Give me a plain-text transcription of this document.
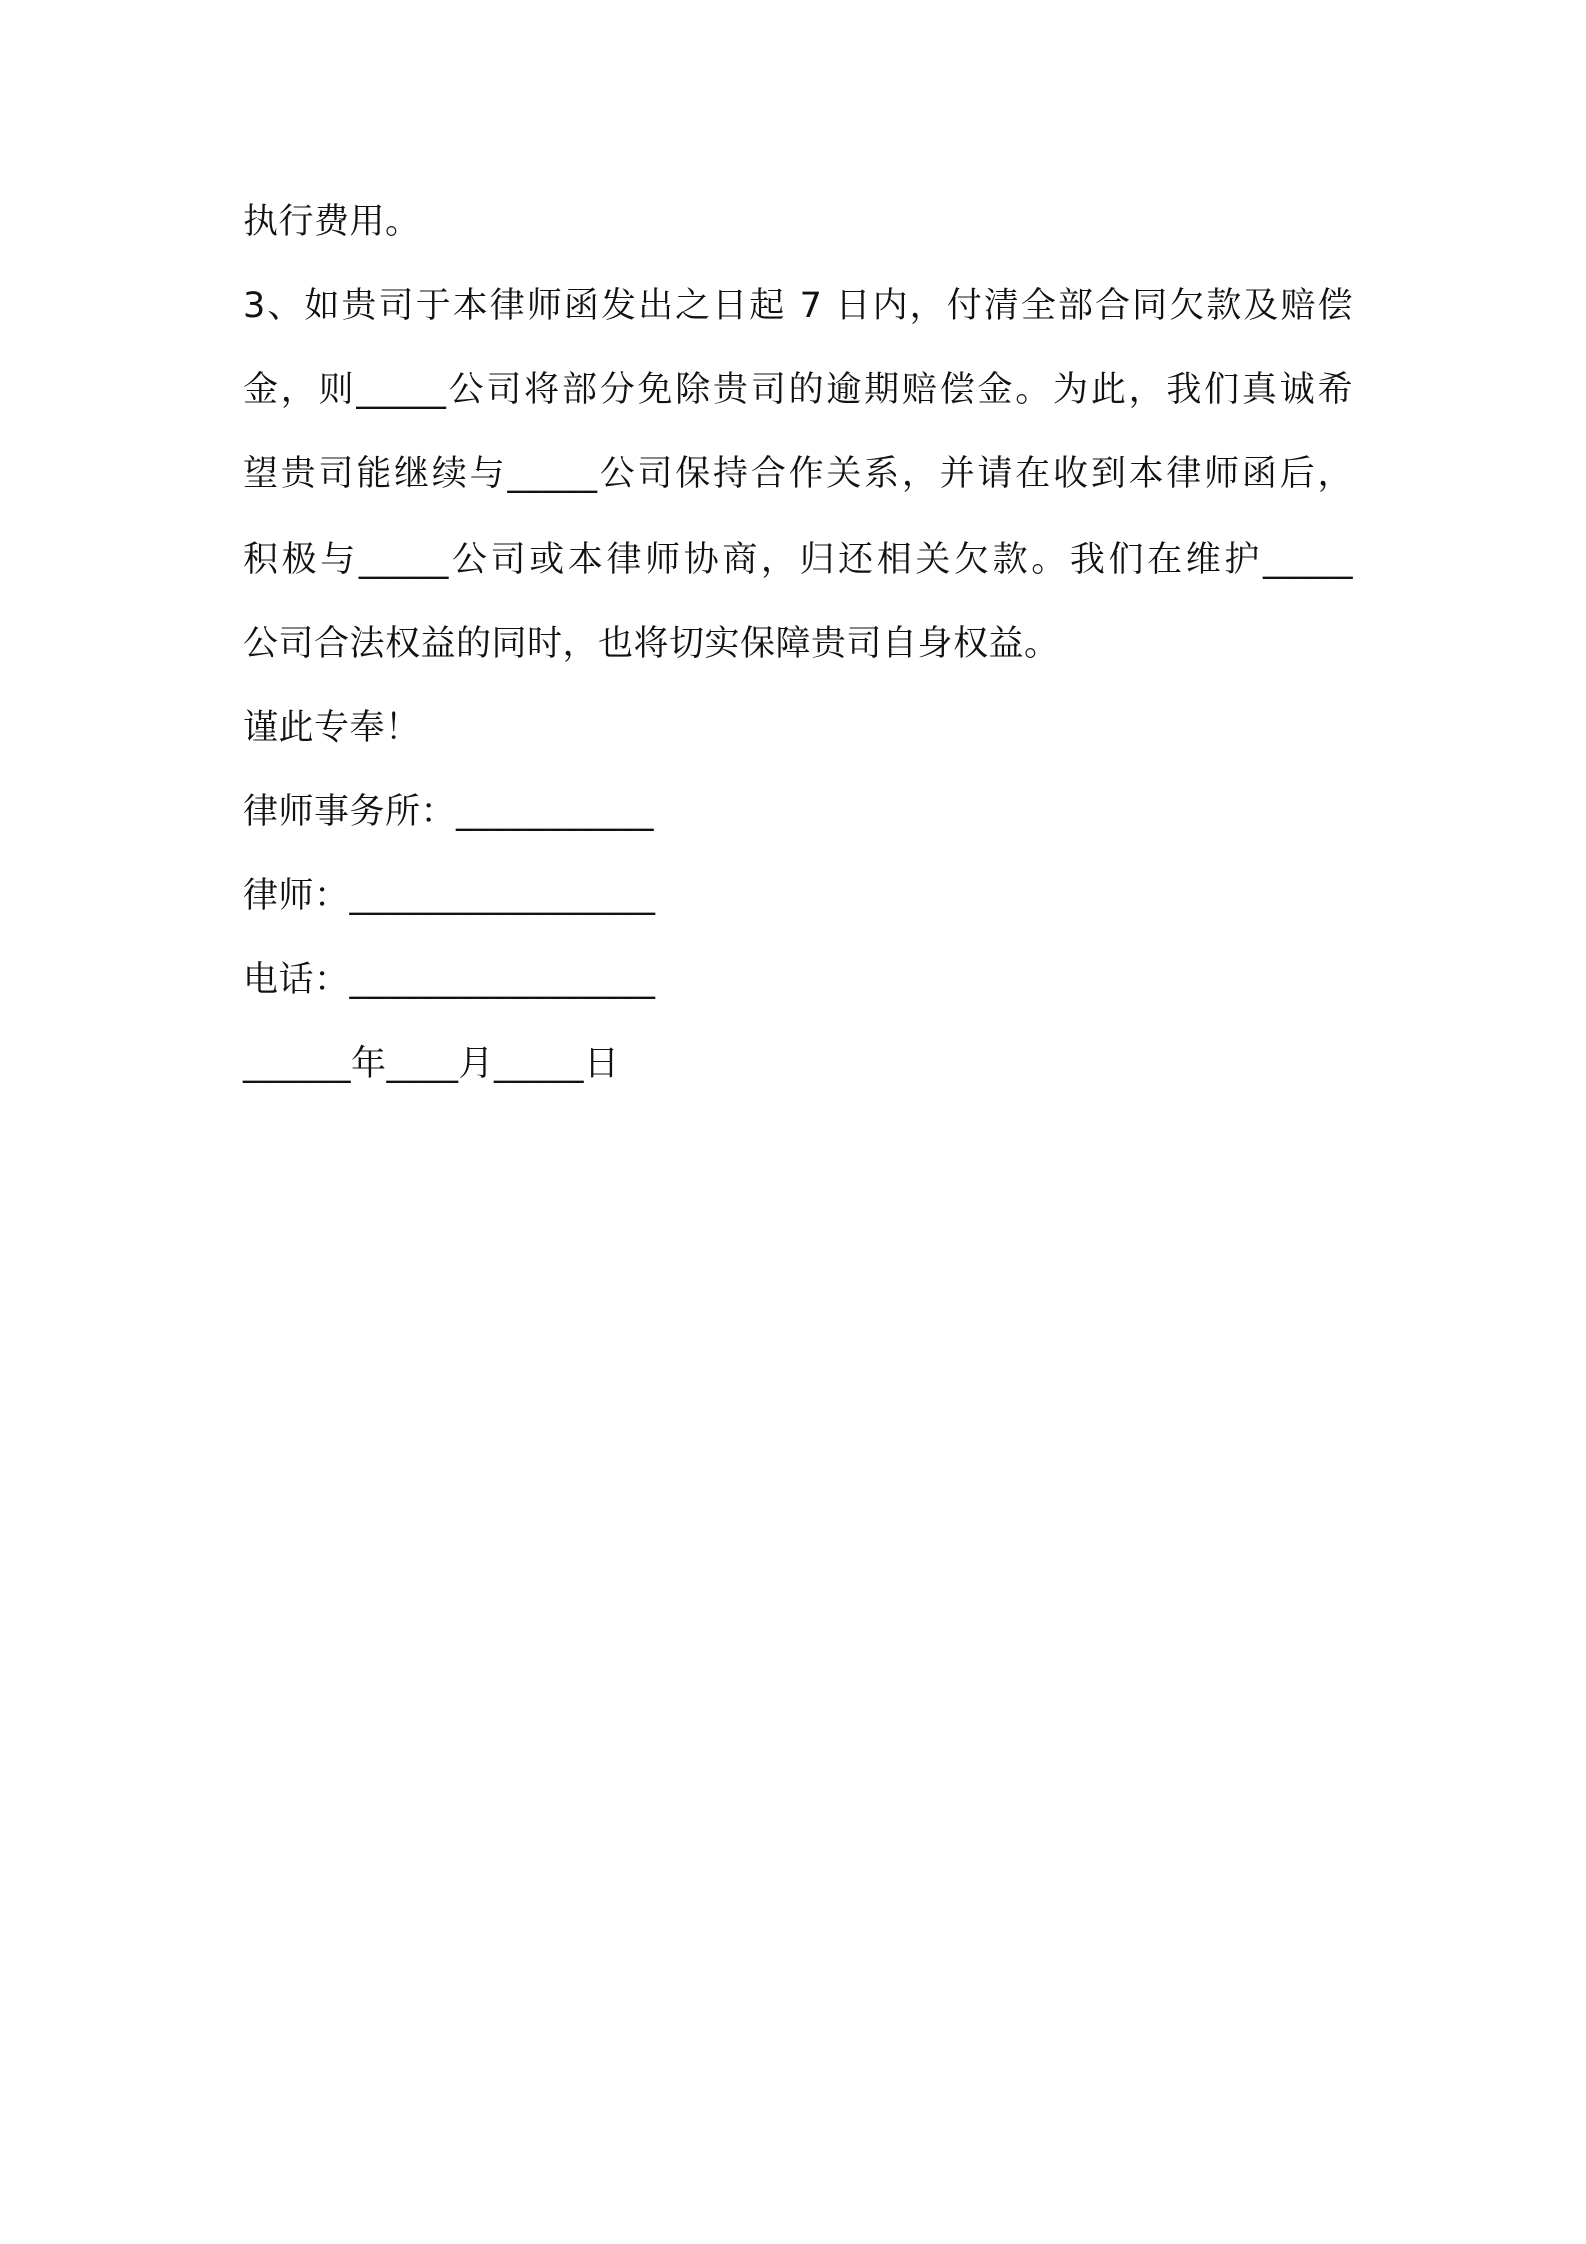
执行费用。
3、如贵司于本律师函发出之日起 7 日内，付清全部合同欠款及赔偿
金，则_____公司将部分免除贵司的逾期赔偿金。为此，我们真诚希
望贵司能继续与_____公司保持合作关系，并请在收到本律师函后，
积极与_____公司或本律师协商，归还相关欠款。我们在维护_____
公司合法权益的同时，也将切实保障贵司自身权益。
谨此专奉！
律师事务所：___________
律师：_________________
电话：_________________
______年____月_____日
